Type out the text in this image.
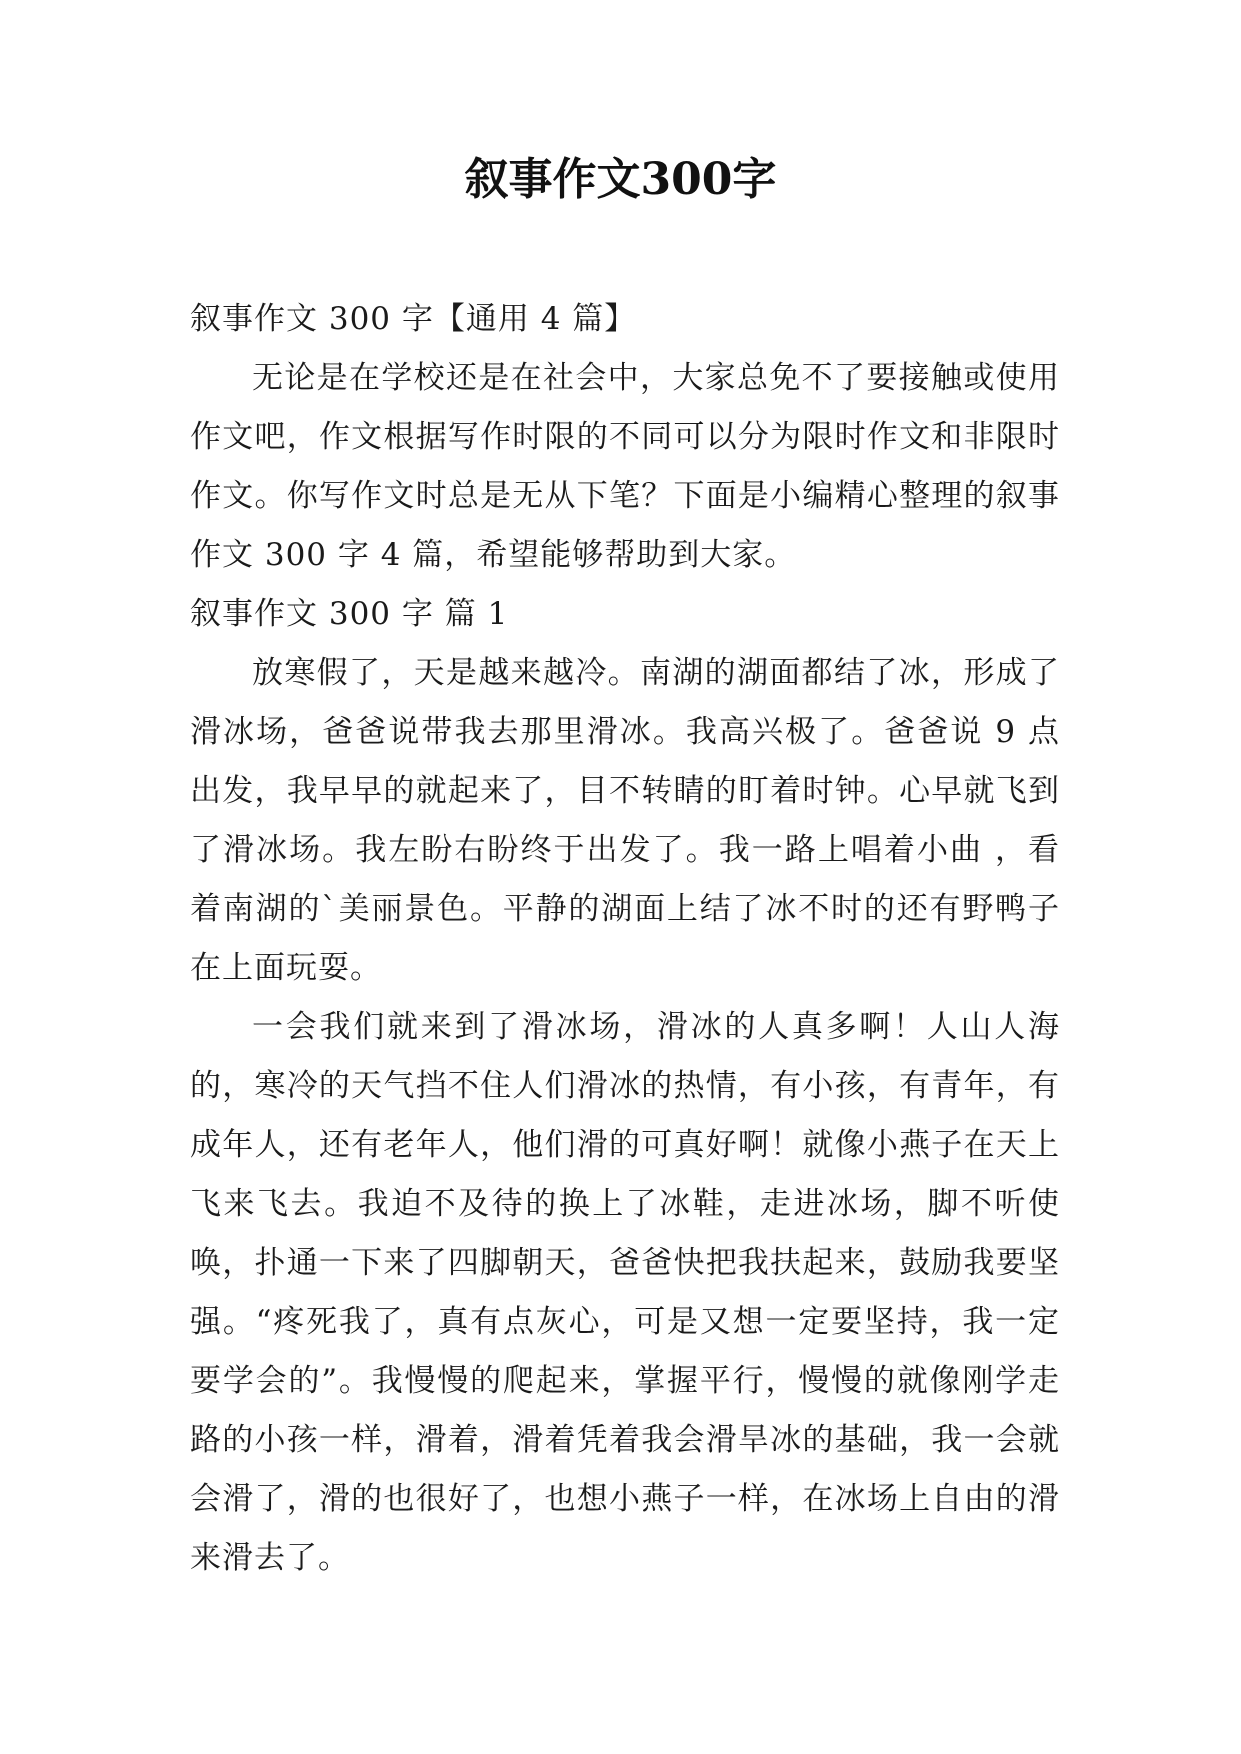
叙事作文300字

叙事作文 300 字【通用 4 篇】

无论是在学校还是在社会中，大家总免不了要接触或使用作文吧，作文根据写作时限的不同可以分为限时作文和非限时作文。你写作文时总是无从下笔？下面是小编精心整理的叙事作文 300 字 4 篇，希望能够帮助到大家。

叙事作文 300 字 篇 1

放寒假了，天是越来越冷。南湖的湖面都结了冰，形成了滑冰场，爸爸说带我去那里滑冰。我高兴极了。爸爸说 9 点出发，我早早的就起来了，目不转睛的盯着时钟。心早就飞到了滑冰场。我左盼右盼终于出发了。我一路上唱着小曲 ，看着南湖的`美丽景色。平静的湖面上结了冰不时的还有野鸭子在上面玩耍。

一会我们就来到了滑冰场，滑冰的人真多啊！人山人海的，寒冷的天气挡不住人们滑冰的热情，有小孩，有青年，有成年人，还有老年人，他们滑的可真好啊！就像小燕子在天上飞来飞去。我迫不及待的换上了冰鞋，走进冰场，脚不听使唤，扑通一下来了四脚朝天，爸爸快把我扶起来，鼓励我要坚强。“疼死我了，真有点灰心，可是又想一定要坚持，我一定要学会的”。我慢慢的爬起来，掌握平行，慢慢的就像刚学走路的小孩一样，滑着，滑着凭着我会滑旱冰的基础，我一会就会滑了，滑的也很好了，也想小燕子一样，在冰场上自由的滑来滑去了。
